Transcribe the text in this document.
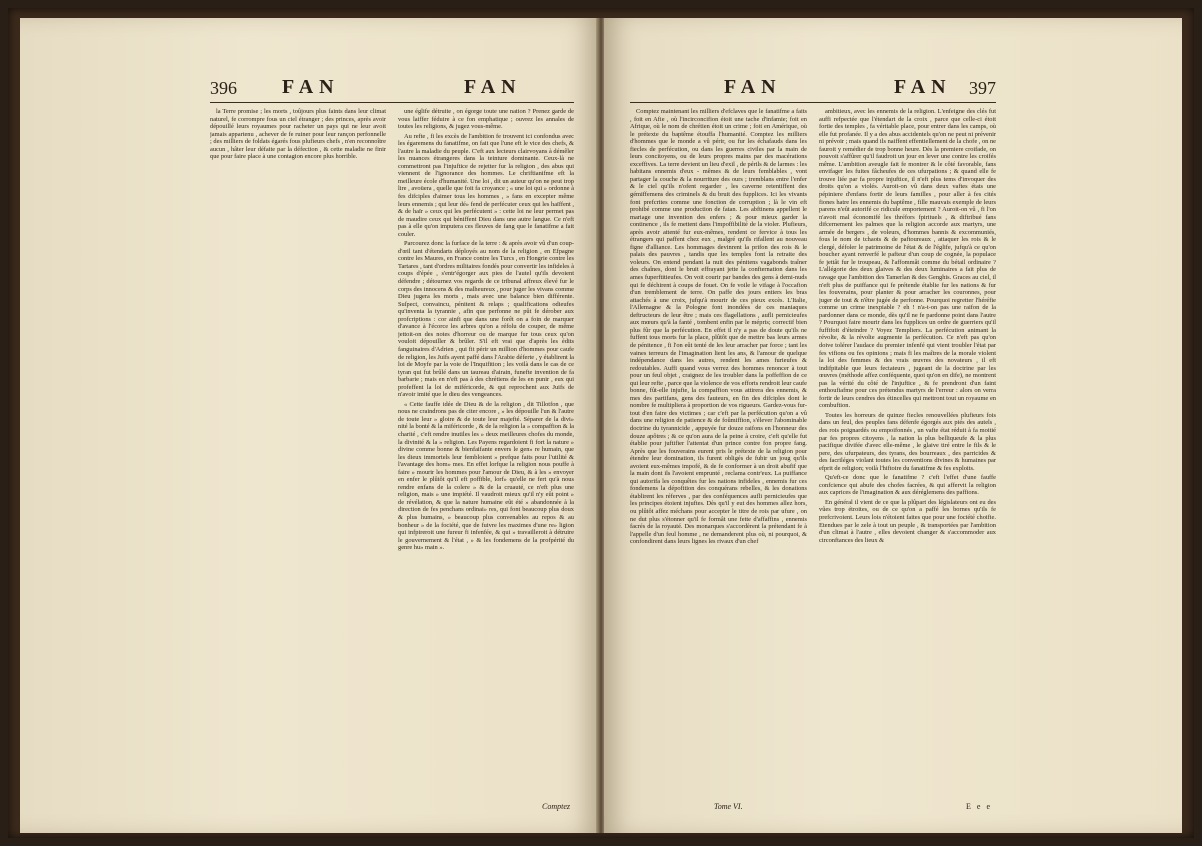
396 FAN	FAN

la Terre promise ; les morts , toûjours plus faints dans leur climat naturel, fe corrompre fous un ciel étranger ; des princes, après avoir dépouillé leurs royaumes pour racheter un pays qui ne leur avoit jamais appartenu , achever de fe ruiner pour leur rançon perfonnelle ; des milliers de foldats égarés fous plufieurs chefs , n'en reconnoître aucun , hâter leur défaite par la défection , & cette maladie ne finir que pour faire place à une contagion encore plus horrible.

une églife détruite , on égorge toute une nation ? Prenez garde de vous laiffer féduire à ce fon emphatique ; ouvrez les annales de toutes les religions, & jugez vous-même.

Au refte , fi les excès de l'ambition fe trouvent ici confondus avec les égaremens du fanatifme, on fait que l'une eft le vice des chefs, & l'autre la maladie du peuple. C'eft aux lecteurs clairvoyans à démêler les nuances étrangeres dans la teinture dominante. Ceux-là ne commettront pas l'injuftice de rejetter fur la religion , des abus qui viennent de l'ignorance des hommes. Le chriftianifme eft la meilleure école d'humanité. Une loi , dit un auteur qu'on ne peut trop lire , avoüera , quelle que foit fa croyance ; « une loi qui » ordonne à fes difciples d'aimer tous les hommes , » fans en excepter même leurs ennemis ; qui leur dé» fend de perfécuter ceux qui les haïffent , & de haïr » ceux qui les perfécutent » : cette loi ne leur permet pas de maudire ceux qui béniffent Dieu dans une autre langue. Ce n'eft pas à elle qu'on imputera ces fleuves de fang que le fanatifme a fait couler.

Parcourez donc la furface de la terre : & après avoir vû d'un coup-d'œil tant d'étendarts déployés au nom de la religion , en Efpagne contre les Maures, en France contre les Turcs , en Hongrie contre les Tartares , tant d'ordres militaires fondés pour convertir les infideles à coups d'épée , s'entr'égorger aux pies de l'autel qu'ils devoient défendre ; détournez vos regards de ce tribunal affreux élevé fur le corps des innocens & des malheureux , pour juger les vivans comme Dieu jugera les morts , mais avec une balance bien différente. Suſpect, convaincu, pénitent & relaps ; qualifications odieufes qu'inventa la tyrannie , afin que perfonne ne pût fe dérober aux profcriptions : cor ainfi que dans une forêt on a foin de marquer d'avance à l'écorce les arbres qu'on a réfolu de couper, de même jettoit-on des notes d'horreur ou de marque fur tous ceux qu'on vouloit dépouiller & brûler. S'il eft vrai que d'après les édits fanguinaires d'Adrien , qui fit périr un million d'hommes pour caufe de religion, les Juifs ayent paffé dans l'Arabie déferte , y établirent la loi de Moyfe par la voie de l'Inquifition ; les voilà dans le cas de ce tyran qui fut brûlé dans un taureau d'airain, funefte invention de fa barbarie ; mais en n'eft pas à des chrétiens de les en punir , eux qui profeffent la loi de miféricorde, & qui reprochent aux Juifs de n'avoir imité que le dieu des vengeances.

« Cette fauffe idée de Dieu & de la religion , dit Tillotfon , que nous ne craindrons pas de citer encore , » les dépouille l'un & l'autre de toute leur » gloire & de toute leur majefté. Séparer de la divi» nité la bonté & la miféricorde , & de la religion la » compaffion & la charité , c'eft rendre inutiles les » deux meilleures chofes du monde, la divinité & la » religion. Les Payens regardoient fi fort la nature » divine comme bonne & bienfaifante envers le gen» re humain, que les dieux immortels leur fembloient » prefque faits pour l'utilité & l'avantage des hom» mes. En effet lorfque la religion nous pouffe à faire » mourir les hommes pour l'amour de Dieu, & à les » envoyer en enfer le plûtôt qu'il eft poffible, lorf» qu'elle ne fert qu'à nous rendre enfans de la colere » & de la cruauté, ce n'eft plus une religion, mais » une impiété. Il vaudroit mieux qu'il n'y eût point » de révélation, & que la nature humaine eût été » abandonnée à la direction de fes penchans ordinai» res, qui font beaucoup plus doux & plus humains, » beaucoup plus convenables au repos & au bonheur » de la fociété, que de fuivre les maximes d'une re» ligion qui infpireroit une fureur fi infenfée, & qui » travailleroit à détruire le gouvernement & l'état , » & les fondemens de la profpérité du genre hu» main ».

Comptez
FAN	FAN 397

Comptez maintenant les milliers d'efclaves que le fanatifme a faits , foit en Afie , où l'incirconcifion étoit une tache d'infamie; foit en Afrique, où le nom de chrétien étoit un crime ; foit en Amérique, où le prétexte du baptême étouffa l'humanité. Comptez les milliers d'hommes que le monde a vû périr, ou fur les échafauds dans les fiecles de perfécution, ou dans les guerres civiles par la main de leurs concitoyens, ou de leurs propres mains par des macérations exceffives. La terre devient un lieu d'exil , de périls & de larmes : les habitans ennemis d'eux - mêmes & de leurs femblables , vont partager la couche & la nourriture des ours ; tremblans entre l'enfer & le ciel qu'ils n'ofent regarder , les caverne retentiffent des gémiffemens des criminels & du bruit des fupplices. Ici les vivants font prefcrites comme une fonction de corruption ; là le vin eft prohibé comme une production de fatan. Les abftinens appellent le mariage une invention des enfers ; & pour mieux garder la continence , ils fe mettent dans l'impoffibilité de la violer. Plufieurs, après avoir attenté fur eux-mêmes, rendent ce fervice à tous les étrangers qui paffent chez eux , malgré qu'ils rifallent au nouveau figne d'alliance. Les hommages devinrent la prifon des rois & le palais des pauvres , tandis que les temples font la retraite des voleurs. On entend pendant la nuit des pénitens vagabonds traîner des chaînes, dont le bruit effrayant jette la confternation dans les ames fuperftitieufes. On voit courir par bandes des gens à demi-nuds qui fe déchirent à coups de fouet. On fe voile le vifage à l'occafion d'un tremblement de terre. On paffe des jours entiers les bras attachés à une croix, jufqu'à mourir de ces pieux excès. L'Italie, l'Allemagne & la Pologne font inondées de ces maniaques deftructeurs de leur être ; mais ces flagellations , aufli pernicieufes aux mœurs qu'à la fanté , tombent enfin par le mépris; correctif bien plus fûr que la perfécution. En effet il n'y a pas de doute qu'ils ne fuffent tous morts fur la place, plûtôt que de mettre bas leurs armes de pénitence , fi l'on eût tenté de les leur arracher par force ; tant les vaines terreurs de l'imagination lient les ans, & l'amour de quelque indépendance dans les autres, rendent les ames furieufes & redoutables. Auffi quand vous verrez des hommes renoncer à tout pour un feul objet , craignez de les troubler dans la poffeffion de ce qui leur refte , parce que la violence de vos efforts rendroit leur caufe bonne, fût-elle injufte, la compaffion vous attirera des ennemis, & mes des partifans, gens des fauteurs, en fin des difciples dont le nombre fe multipliera à proportion de vos rigueurs. Gardez-vous fur-tout d'en faire des victimes ; car c'eft par la perfécution qu'on a vû dans une religion de patience & de foûmiffion, s'élever l'abominable doctrine du tyrannicide , appuyée fur douze raifons en l'honneur des douze apôtres ; & ce qu'on aura de la peine à croire, c'eft qu'elle fut établie pour juftifier l'attentat d'un prince contre fon propre fang. Après que les fouverains eurent pris le prétexte de la religion pour étendre leur domination, ils furent obligés de fubir un joug qu'ils avoient eux-mêmes impofé, & de fe conformer à un droit abufif que la main dont ils l'avoient emprunté , reclama contr'eux. La puiffance qui autorifa les conquêtes fur les nations infideles , ennemis fur ces fondemens la dépofition des conquérans rebelles, & les donations établirent les réferves , par des conféquences aufli pernicieufes que les principes étoient injuftes. Dès qu'il y eut des hommes allez hors, ou plûtôt affez méchans pour accepter le titre de rois par ufure , on ne dut plus s'étonner qu'il fe formât une fette d'affaffins , ennemis facrés de la royauté. Des monarques s'accordèrent la prétendant fe à l'appelle d'un feul homme , ne demanderent plus où, ni pourquoi, & confondirent dans leurs lignes les rivaux d'un chef

ambitieux, avec les ennemis de la religion. L'enfeigne des clés fut auffi refpectée que l'étendart de la croix , parce que celle-ci étoit fortie des temples , fa véritable place, pour entrer dans les camps, où elle fut profanée. Il y a des abus accidentels qu'on ne peut ni prévenir ni prévoir ; mais quand ils naiffent effentiellement de la chofe , on ne fauroit y remédier de trop bonne heure. Dès la premiere croifade, on pouvoit s'affûrer qu'il faudroit un jour en lever une contre les croifés même. L'ambition aveugle fait fe montrer & le côté favorable, fans envifager les fuites fâcheufes de ces ufurpations ; & quand elle fe trouve liée par fa propre injuftice, il n'eft plus tems d'invoquer des droits qu'on a violés. Auroit-on vû dans deux vaftes états une pépiniere d'enfans fortir de leurs familles , pour aller à fes cités fiones hatre les ennemis du baptême , fille mauvais exemple de leurs parens n'eût autorifé ce ridicule emportement ? Auroit-on vû , fi l'on n'avoit mal économifé les thréfors fpirituels , & diftribué fans difcernement les palmes que la religion accorde aux martyrs, une armée de bergers , de voleurs, d'hommes bannis & excommuniés, fous le nom de tchaots & de paftoureaux , attaquer les rois & le clergé, défoler le patrimoine de l'état & de l'églife, jufqu'à ce qu'on boucher ayant renverfé le pafteur d'un coup de cognée, la populace fe jettât fur le troupeau, & l'affommât comme du bétail ordinaire ? L'allégorie des deux glaives & des deux luminaires a fait plus de ravage que l'ambition des Tamerlan & des Genghis. Graces au ciel, il n'eft plus de puiffance qui fe prétende établie fur les nations & fur les fouverains, pour planter & pour arracher les couronnes, pour juger de tout & n'être jugée de perfonne. Pourquoi regretter l'héréfie comme un crime inexpiable ? eh ! n'a-t-on pas une raifon de la pardonner dans ce monde, dès qu'il ne fe pardonne point dans l'autre ? Pourquoi faire mourir dans les fupplices un ordre de guerriers qu'il fuffifoit d'éteindre ? Voyez Templiers. La perfécution animant la révolte, & la révolte augmente la perfécution. Ce n'eft pas qu'on doive tolérer l'audace du premier infenfé qui vient troubler l'état par fes vifions ou fes opinions ; mais fi les maîtres de la morale violent la loi des femmes & des vrais œuvres des novateurs , il eft indifpitable que leurs fectateurs , jugeant de la doctrine par les œuvres (méthode affez conféquente, quoi qu'on en dife), ne montrent pas la vérité du côté de l'injuftice , & fe prendront d'un faint enthoufiafme pour ces prétendus martyrs de l'erreur : alors on verra fortir de leurs cendres des étincelles qui mettront tout un royaume en combuftion.

Toutes les horreurs de quinze fiecles renouvellées plufieurs fois dans un feul, des peuples fans défenfe égorgés aux piés des autels , des rois poignardés ou empoifonnés , un vafte état réduit à fa moitié par fes propres citoyens , la nation la plus belliqueufe & la plus pacifique divifée d'avec elle-même , le glaive tiré entre le fils & le pere, des ufurpateurs, des tyrans, des bourreaux , des parricides & des facriléges violant toutes les conventions divines & humaines par efprit de religion; voilà l'hiftoire du fanatifme & fes exploits.

Qu'eft-ce donc que le fanatifme ? c'eft l'effet d'une fauffe confcience qui abufe des chofes facrées, & qui affervit la religion aux caprices de l'imagination & aux déréglemens des paffions.

En général il vient de ce que la plûpart des législateurs ont eu des vûes trop étroites, ou de ce qu'on a paffé les bornes qu'ils fe prefcrivoient. Leurs lois n'étoient faites que pour une fociété choifie. Etendues par le zele à tout un peuple , & transportées par l'ambition d'un climat à l'autre , elles devoient changer & s'accommoder aux circonftances des lieux &

Tome VI.	E e e
